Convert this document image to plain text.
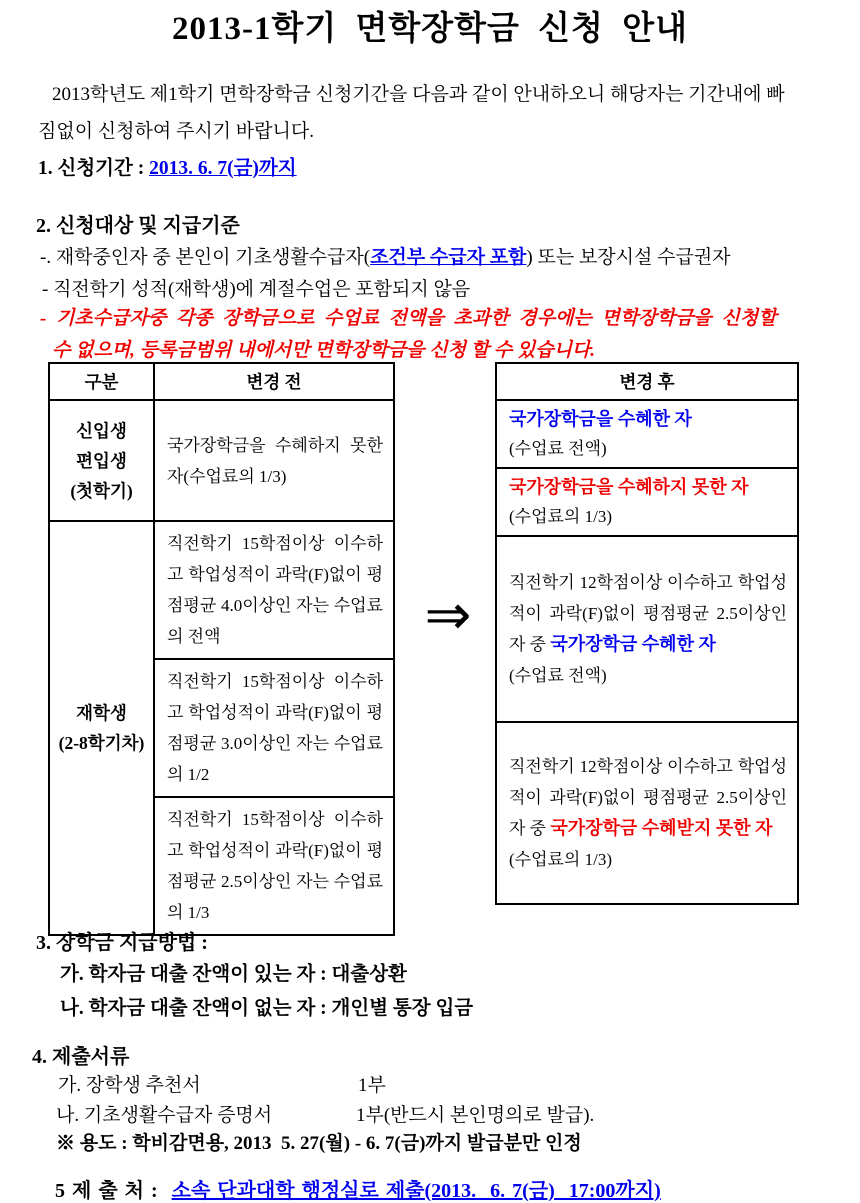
2013-1학기 면학장학금 신청 안내
2013학년도 제1학기 면학장학금 신청기간을 다음과 같이 안내하오니 해당자는 기간내에 빠
짐없이 신청하여 주시기 바랍니다.
1. 신청기간 : 2013. 6. 7(금)까지
2. 신청대상 및 지급기준
-. 재학중인자 중 본인이 기초생활수급자(조건부 수급자 포함) 또는 보장시설 수급권자
- 직전학기 성적(재학생)에 계절수업은 포함되지 않음
- 기초수급자중 각종 장학금으로 수업료 전액을 초과한 경우에는 면학장학금을 신청할
수 없으며, 등록금범위 내에서만 면학장학금을 신청 할 수 있습니다.
구분	변경 전

신입생
편입생
(첫학기)	국가장학금을 수혜하지 못한 자(수업료의 1/3)

재학생
(2-8학기차)	직전학기 15학점이상 이수하고 학업성적이 과락(F)없이 평점평균 4.0이상인 자는 수업료의 전액
	직전학기 15학점이상 이수하고 학업성적이 과락(F)없이 평점평균 3.0이상인 자는 수업료의 1/2
	직전학기 15학점이상 이수하고 학업성적이 과락(F)없이 평점평균 2.5이상인 자는 수업료의 1/3
⇒
변경 후
국가장학금을 수혜한 자
(수업료 전액)

국가장학금을 수혜하지 못한 자
(수업료의 1/3)

직전학기 12학점이상 이수하고 학업성적이 과락(F)없이 평점평균 2.5이상인 자 중 국가장학금 수혜한 자
(수업료 전액)

직전학기 12학점이상 이수하고 학업성적이 과락(F)없이 평점평균 2.5이상인 자 중 국가장학금 수혜받지 못한 자
(수업료의 1/3)
3. 장학금 지급방법 :
가. 학자금 대출 잔액이 있는 자 : 대출상환
나. 학자금 대출 잔액이 없는 자 : 개인별 통장 입금
4. 제출서류
가. 장학생 추천서	1부
나. 기초생활수급자 증명서	1부(반드시 본인명의로 발급).
※ 용도 : 학비감면용, 2013  5. 27(월) - 6. 7(금)까지 발급분만 인정
5 제 출 처 :  소속 단과대학 행정실로 제출(2013.  6. 7(금)  17:00까지)
